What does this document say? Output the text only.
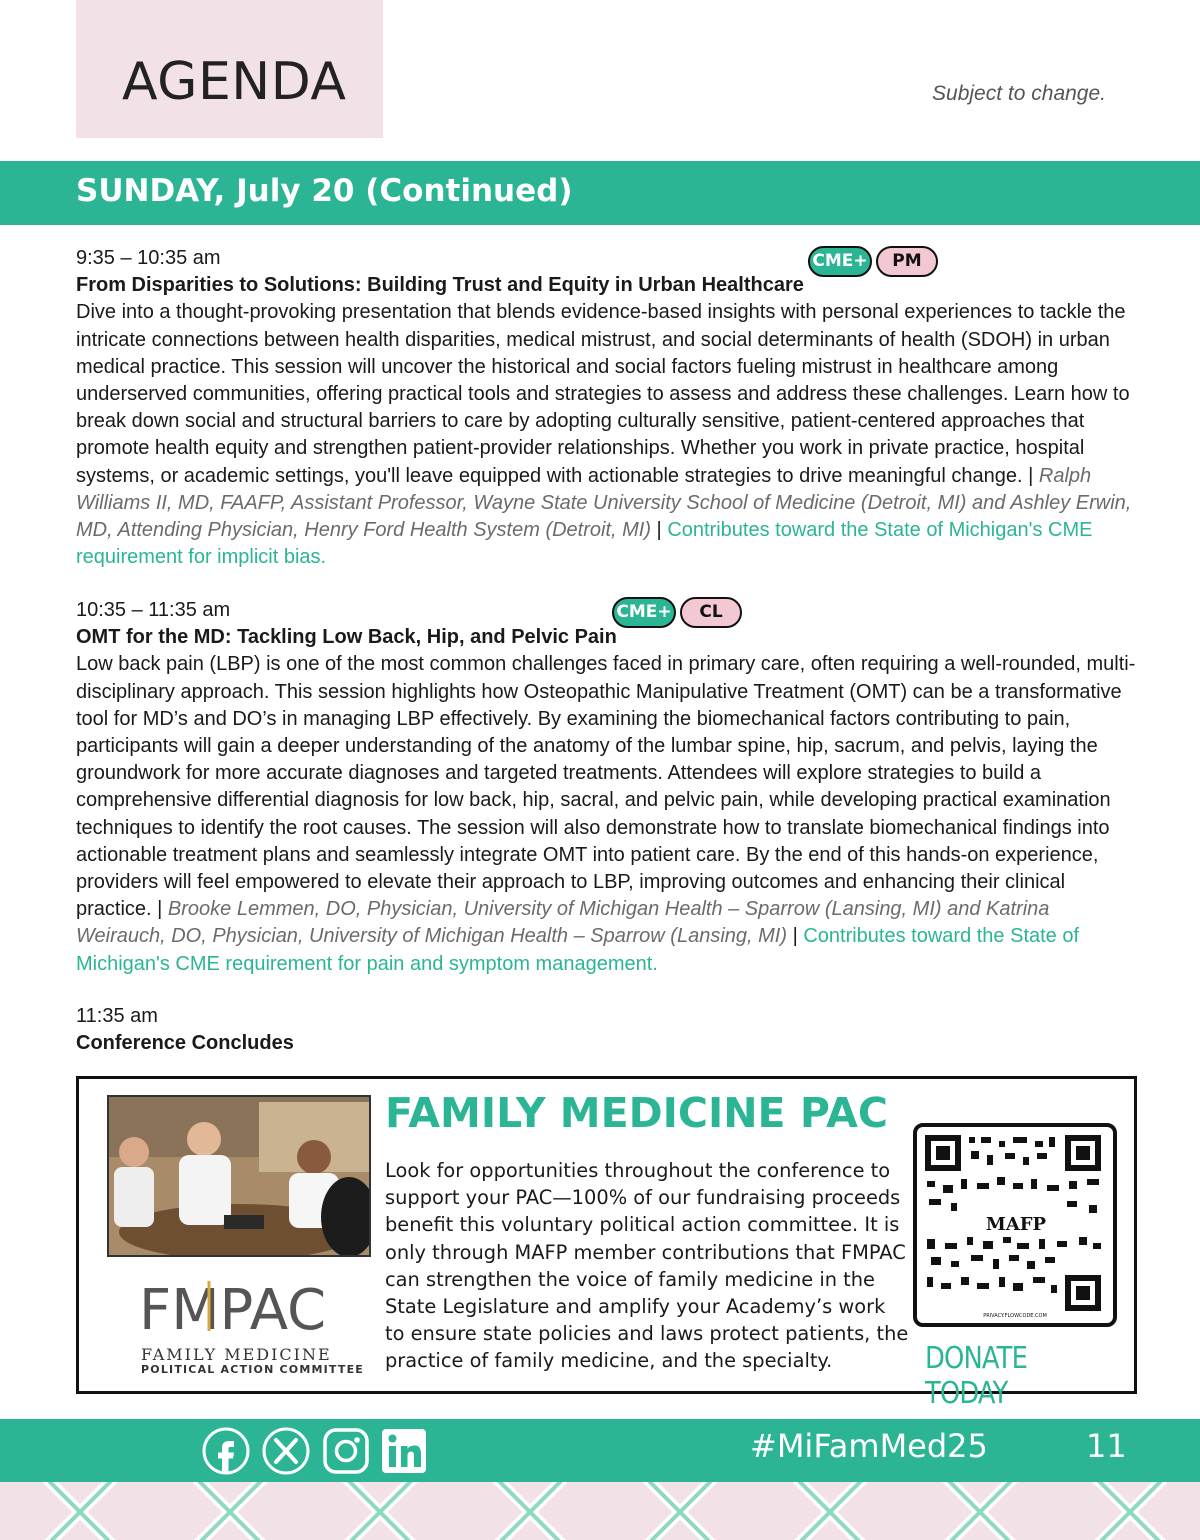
AGENDA	Subject to change.
SUNDAY, July 20 (Continued)
9:35 – 10:35 am
From Disparities to Solutions: Building Trust and Equity in Urban Healthcare
Dive into a thought-provoking presentation that blends evidence-based insights with personal experiences to tackle the intricate connections between health disparities, medical mistrust, and social determinants of health (SDOH) in urban medical practice. This session will uncover the historical and social factors fueling mistrust in healthcare among underserved communities, offering practical tools and strategies to assess and address these challenges. Learn how to break down social and structural barriers to care by adopting culturally sensitive, patient-centered approaches that promote health equity and strengthen patient-provider relationships. Whether you work in private practice, hospital systems, or academic settings, you'll leave equipped with actionable strategies to drive meaningful change. | Ralph Williams II, MD, FAAFP, Assistant Professor, Wayne State University School of Medicine (Detroit, MI) and Ashley Erwin, MD, Attending Physician, Henry Ford Health System (Detroit, MI) | Contributes toward the State of Michigan's CME requirement for implicit bias.
CME+	PM
10:35 – 11:35 am
OMT for the MD: Tackling Low Back, Hip, and Pelvic Pain
Low back pain (LBP) is one of the most common challenges faced in primary care, often requiring a well-rounded, multi-disciplinary approach. This session highlights how Osteopathic Manipulative Treatment (OMT) can be a transformative tool for MD’s and DO’s in managing LBP effectively. By examining the biomechanical factors contributing to pain, participants will gain a deeper understanding of the anatomy of the lumbar spine, hip, sacrum, and pelvis, laying the groundwork for more accurate diagnoses and targeted treatments. Attendees will explore strategies to build a comprehensive differential diagnosis for low back, hip, sacral, and pelvic pain, while developing practical examination techniques to identify the root causes. The session will also demonstrate how to translate biomechanical findings into actionable treatment plans and seamlessly integrate OMT into patient care. By the end of this hands-on experience, providers will feel empowered to elevate their approach to LBP, improving outcomes and enhancing their clinical practice. | Brooke Lemmen, DO, Physician, University of Michigan Health – Sparrow (Lansing, MI) and Katrina Weirauch, DO, Physician, University of Michigan Health – Sparrow (Lansing, MI) | Contributes toward the State of Michigan's CME requirement for pain and symptom management.
CME+	CL
11:35 am
Conference Concludes
FMPAC
FAMILY MEDICINE
POLITICAL ACTION COMMITTEE
FAMILY MEDICINE PAC
Look for opportunities throughout the conference to support your PAC—100% of our fundraising proceeds benefit this voluntary political action committee. It is only through MAFP member contributions that FMPAC can strengthen the voice of family medicine in the State Legislature and amplify your Academy’s work to ensure state policies and laws protect patients, the practice of family medicine, and the specialty.
MAFP
PRIVACY.FLOWCODE.COM
DONATE TODAY
#MiFamMed25	11
